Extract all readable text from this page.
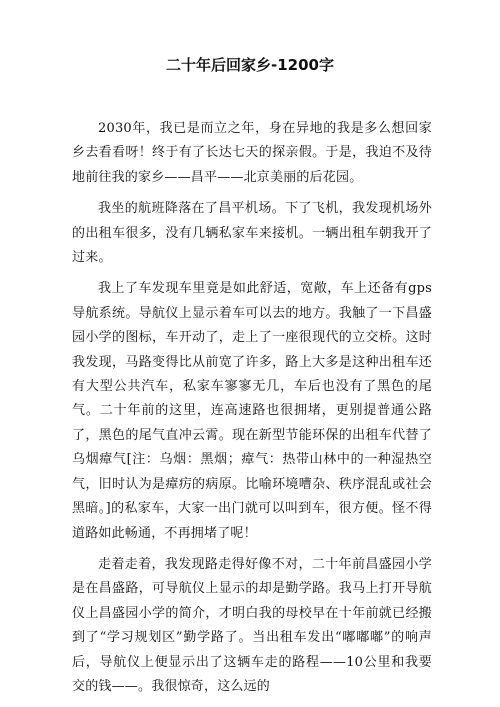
二十年后回家乡-1200字

2030年，我已是而立之年，身在异地的我是多么想回家乡去看看呀！终于有了长达七天的探亲假。于是，我迫不及待地前往我的家乡——昌平——北京美丽的后花园。

我坐的航班降落在了昌平机场。下了飞机，我发现机场外的出租车很多，没有几辆私家车来接机。一辆出租车朝我开了过来。

我上了车发现车里竟是如此舒适，宽敞，车上还备有gps导航系统。导航仪上显示着车可以去的地方。我触了一下昌盛园小学的图标，车开动了，走上了一座很现代的立交桥。这时我发现，马路变得比从前宽了许多，路上大多是这种出租车还有大型公共汽车，私家车寥寥无几，车后也没有了黑色的尾气。二十年前的这里，连高速路也很拥堵，更别提普通公路了，黑色的尾气直冲云霄。现在新型节能环保的出租车代替了乌烟瘴气[注：乌烟：黑烟；瘴气：热带山林中的一种湿热空气，旧时认为是瘴疠的病原。比喻环境嘈杂、秩序混乱或社会黑暗。]的私家车，大家一出门就可以叫到车，很方便。怪不得道路如此畅通，不再拥堵了呢！

走着走着，我发现路走得好像不对，二十年前昌盛园小学是在昌盛路，可导航仪上显示的却是勤学路。我马上打开导航仪上昌盛园小学的简介，才明白我的母校早在十年前就已经搬到了“学习规划区”勤学路了。当出租车发出“嘟嘟嘟”的响声后，导航仪上便显示出了这辆车走的路程——10公里和我要交的钱——。我很惊奇，这么远的
